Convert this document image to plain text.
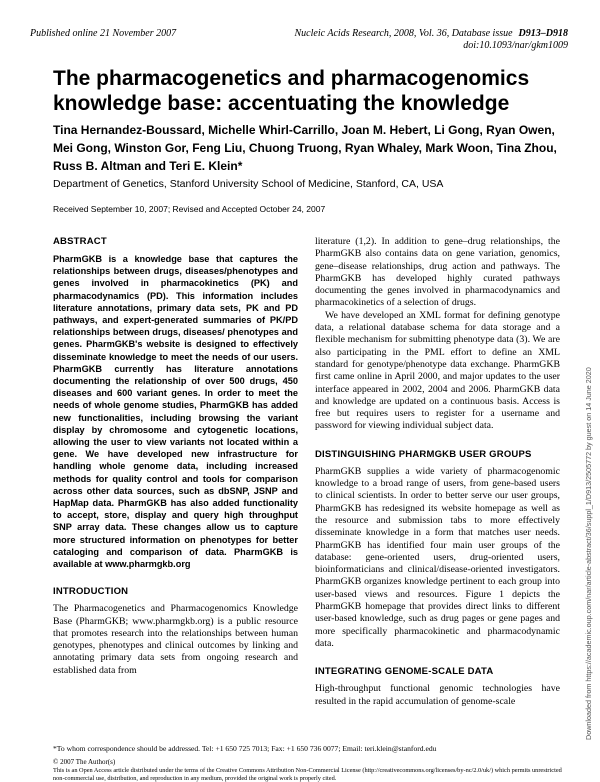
Published online 21 November 2007	Nucleic Acids Research, 2008, Vol. 36, Database issue D913–D918
doi:10.1093/nar/gkm1009
The pharmacogenetics and pharmacogenomics knowledge base: accentuating the knowledge
Tina Hernandez-Boussard, Michelle Whirl-Carrillo, Joan M. Hebert, Li Gong, Ryan Owen, Mei Gong, Winston Gor, Feng Liu, Chuong Truong, Ryan Whaley, Mark Woon, Tina Zhou, Russ B. Altman and Teri E. Klein*
Department of Genetics, Stanford University School of Medicine, Stanford, CA, USA
Received September 10, 2007; Revised and Accepted October 24, 2007
ABSTRACT

PharmGKB is a knowledge base that captures the relationships between drugs, diseases/phenotypes and genes involved in pharmacokinetics (PK) and pharmacodynamics (PD). This information includes literature annotations, primary data sets, PK and PD pathways, and expert-generated summaries of PK/PD relationships between drugs, diseases/ phenotypes and genes. PharmGKB's website is designed to effectively disseminate knowledge to meet the needs of our users. PharmGKB currently has literature annotations documenting the relationship of over 500 drugs, 450 diseases and 600 variant genes. In order to meet the needs of whole genome studies, PharmGKB has added new functionalities, including browsing the variant display by chromosome and cytogenetic locations, allowing the user to view variants not located within a gene. We have developed new infrastructure for handling whole genome data, including increased methods for quality control and tools for comparison across other data sources, such as dbSNP, JSNP and HapMap data. PharmGKB has also added functionality to accept, store, display and query high throughput SNP array data. These changes allow us to capture more structured information on phenotypes for better cataloging and comparison of data. PharmGKB is available at www.pharmgkb.org

INTRODUCTION

The Pharmacogenetics and Pharmacogenomics Knowledge Base (PharmGKB; www.pharmgkb.org) is a public resource that promotes research into the relationships between human genotypes, phenotypes and clinical outcomes by linking and annotating primary data sets from ongoing research and established data from

literature (1,2). In addition to gene–drug relationships, the PharmGKB also contains data on gene variation, genomics, gene–disease relationships, drug action and pathways. The PharmGKB has developed highly curated pathways documenting the genes involved in pharmacodynamics and pharmacokinetics of a selection of drugs.

We have developed an XML format for defining genotype data, a relational database schema for data storage and a flexible mechanism for submitting phenotype data (3). We are also participating in the PML effort to define an XML standard for genotype/phenotype data exchange. PharmGKB first came online in April 2000, and major updates to the user interface appeared in 2002, 2004 and 2006. PharmGKB data and knowledge are updated on a continuous basis. Access is free but requires users to register for a username and password for viewing individual subject data.

DISTINGUISHING PHARMGKB USER GROUPS

PharmGKB supplies a wide variety of pharmacogenomic knowledge to a broad range of users, from gene-based users to clinical scientists. In order to better serve our user groups, PharmGKB has redesigned its website homepage as well as the resource and submission tabs to more effectively disseminate knowledge in a form that matches user needs. PharmGKB has identified four main user groups of the database: gene-oriented users, drug-oriented users, bioinformaticians and clinical/disease-oriented investigators. PharmGKB organizes knowledge pertinent to each group into user-based views and resources. Figure 1 depicts the PharmGKB homepage that provides direct links to different user-based knowledge, such as drug pages or gene pages and more specifically pharmacokinetic and pharmacodynamic data.

INTEGRATING GENOME-SCALE DATA

High-throughput functional genomic technologies have resulted in the rapid accumulation of genome-scale

*To whom correspondence should be addressed. Tel: +1 650 725 7013; Fax: +1 650 736 0077; Email: teri.klein@stanford.edu
© 2007 The Author(s)
This is an Open Access article distributed under the terms of the Creative Commons Attribution Non-Commercial License (http://creativecommons.org/licenses/by-nc/2.0/uk/) which permits unrestricted non-commercial use, distribution, and reproduction in any medium, provided the original work is properly cited.
Downloaded from https://academic.oup.com/nar/article-abstract/36/suppl_1/D913/2505772 by guest on 14 June 2020
